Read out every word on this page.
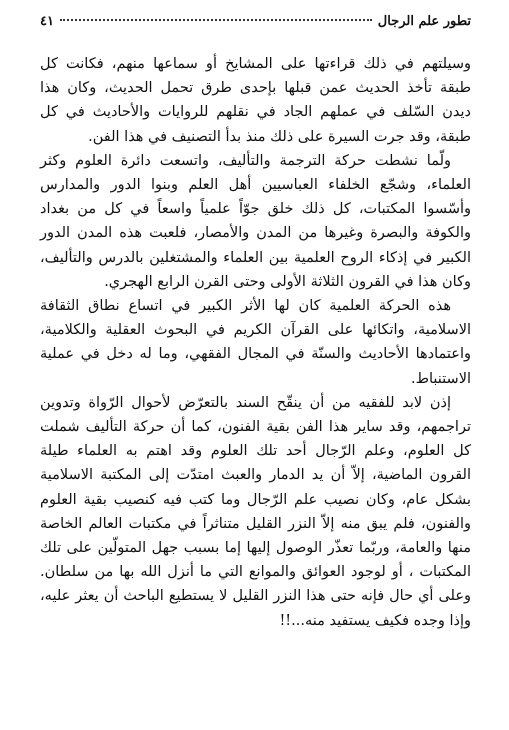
تطور علم الرجال
٤١

وسيلتهم في ذلك قراءتها على المشايخ أو سماعها منهم، فكانت كل طبقة تأخذ الحديث عمن قبلها بإحدى طرق تحمل الحديث، وكان هذا ديدن السّلف في عملهم الجاد في نقلهم للروايات والأحاديث في كل طبقة، وقد جرت السيرة على ذلك منذ بدأ التصنيف في هذا الفن.

ولّما نشطت حركة الترجمة والتأليف، واتسعت دائرة العلوم وكثر العلماء، وشجّع الخلفاء العباسيين أهل العلم وبنوا الدور والمدارس وأسّسوا المكتبات، كل ذلك خلق جوّاً علمياً واسعاً في كل من بغداد والكوفة والبصرة وغيرها من المدن والأمصار، فلعبت هذه المدن الدور الكبير في إذكاء الروح العلمية بين العلماء والمشتغلين بالدرس والتأليف، وكان هذا في القرون الثلاثة الأولى وحتى القرن الرابع الهجري.

هذه الحركة العلمية كان لها الأثر الكبير في اتساع نطاق الثقافة الاسلامية، واتكائها على القرآن الكريم في البحوث العقلية والكلامية، واعتمادها الأحاديث والسنّة في المجال الفقهي، وما له دخل في عملية الاستنباط.

إذن لابد للفقيه من أن ينقّح السند بالتعرّض لأحوال الرّواة وتدوين تراجمهم، وقد ساير هذا الفن بقية الفنون، كما أن حركة التأليف شملت كل العلوم، وعلم الرّجال أحد تلك العلوم وقد اهتم به العلماء طيلة القرون الماضية، إلاّ أن يد الدمار والعبث امتدّت إلى المكتبة الاسلامية بشكل عام، وكان نصيب علم الرّجال وما كتب فيه كنصيب بقية العلوم والفنون، فلم يبق منه إلاّ النزر القليل متناثراً في مكتبات العالم الخاصة منها والعامة، وربّما تعذّر الوصول إليها إما بسبب جهل المتولّين على تلك المكتبات ، أو لوجود العوائق والموانع التي ما أنزل الله بها من سلطان. وعلى أي حال فإنه حتى هذا النزر القليل لا يستطيع الباحث أن يعثر عليه، وإذا وجده فكيف يستفيد منه...!!
